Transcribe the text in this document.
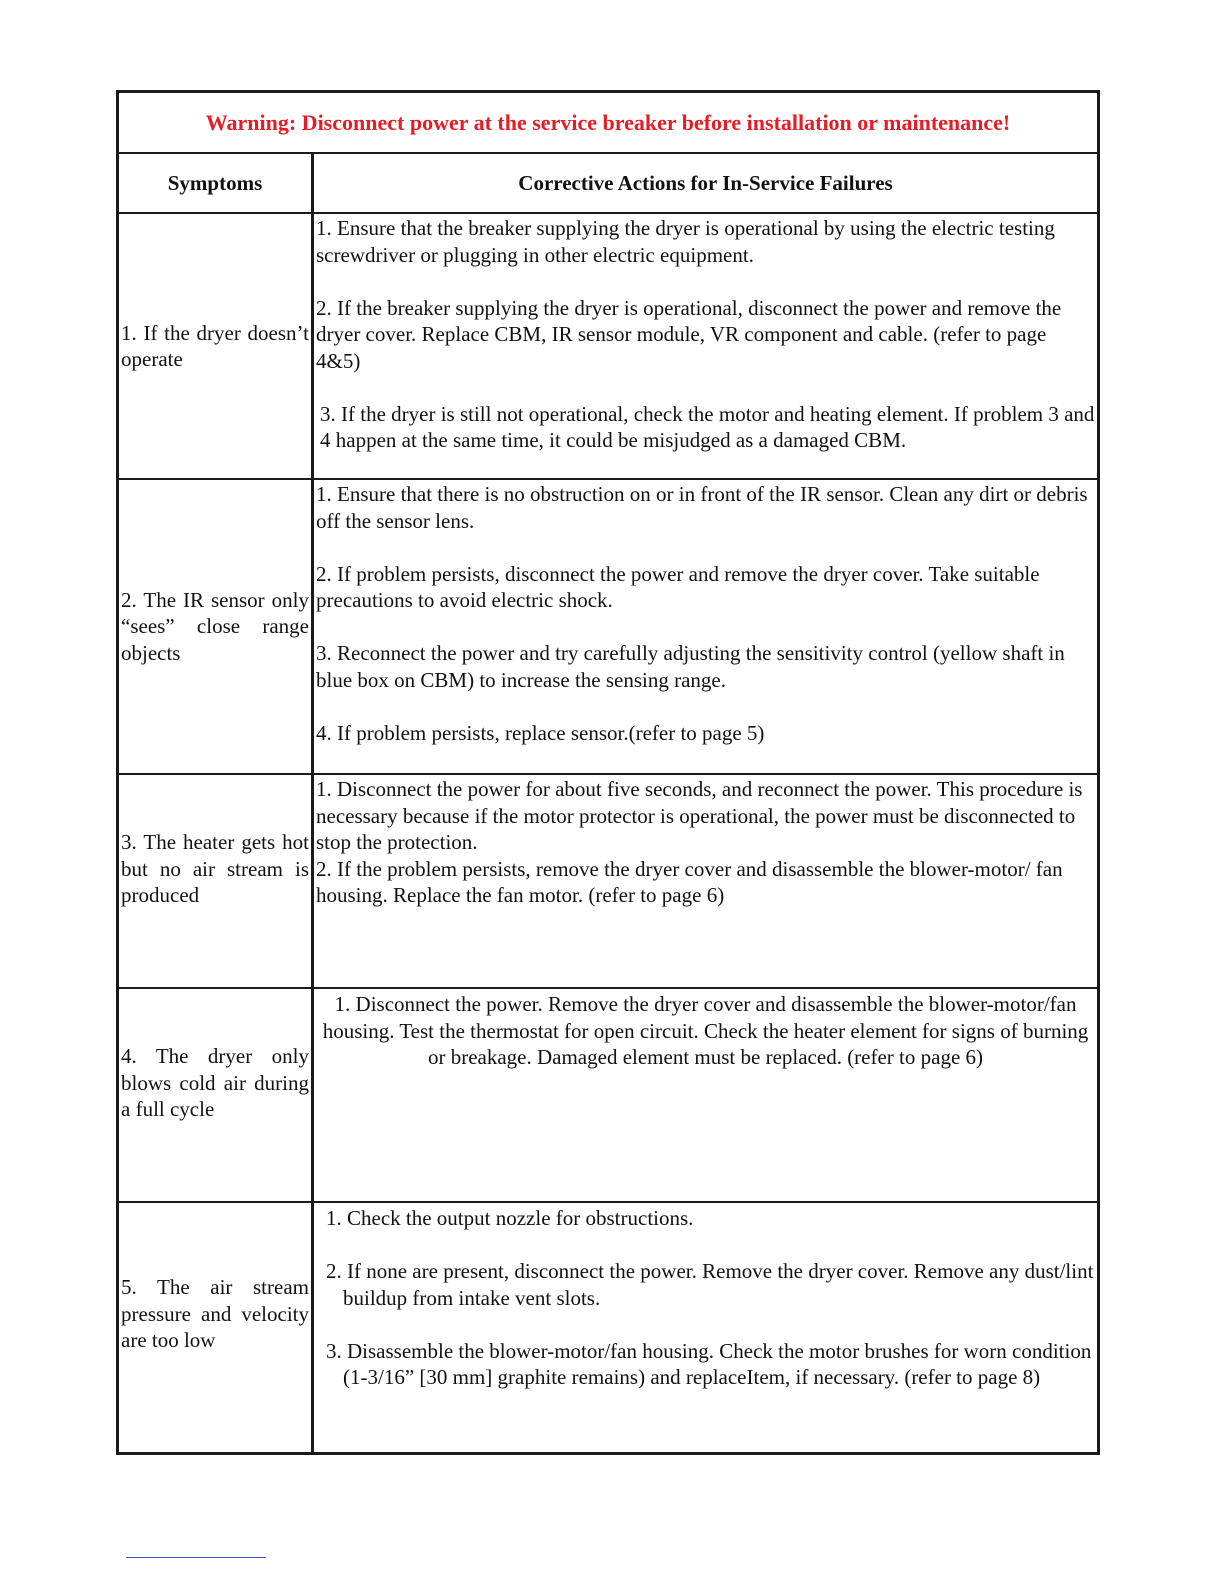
Warning: Disconnect power at the service breaker before installation or maintenance!
Symptoms	Corrective Actions for In-Service Failures

1. If the dryer doesn’t operate

1. Ensure that the breaker supplying the dryer is operational by using the electric testing screwdriver or plugging in other electric equipment.

2. If the breaker supplying the dryer is operational, disconnect the power and remove the dryer cover. Replace CBM, IR sensor module, VR component and cable. (refer to page 4&5)

3. If the dryer is still not operational, check the motor and heating element. If problem 3 and 4 happen at the same time, it could be misjudged as a damaged CBM.

2. The IR sensor only “sees” close range objects

1. Ensure that there is no obstruction on or in front of the IR sensor. Clean any dirt or debris off the sensor lens.

2. If problem persists, disconnect the power and remove the dryer cover. Take suitable precautions to avoid electric shock.

3. Reconnect the power and try carefully adjusting the sensitivity control (yellow shaft in blue box on CBM) to increase the sensing range.

4. If problem persists, replace sensor.(refer to page 5)

3. The heater gets hot but no air stream is produced

1. Disconnect the power for about five seconds, and reconnect the power. This procedure is necessary because if the motor protector is operational, the power must be disconnected to stop the protection.

2. If the problem persists, remove the dryer cover and disassemble the blower-motor/ fan housing. Replace the fan motor. (refer to page 6)

4. The dryer only blows cold air during a full cycle

1. Disconnect the power. Remove the dryer cover and disassemble the blower-motor/fan housing. Test the thermostat for open circuit. Check the heater element for signs of burning or breakage. Damaged element must be replaced. (refer to page 6)

5. The air stream pressure and velocity are too low

1. Check the output nozzle for obstructions.

2. If none are present, disconnect the power. Remove the dryer cover. Remove any dust/lint buildup from intake vent slots.

3. Disassemble the blower-motor/fan housing. Check the motor brushes for worn condition (1-3/16” [30 mm] graphite remains) and replaceItem, if necessary. (refer to page 8)
